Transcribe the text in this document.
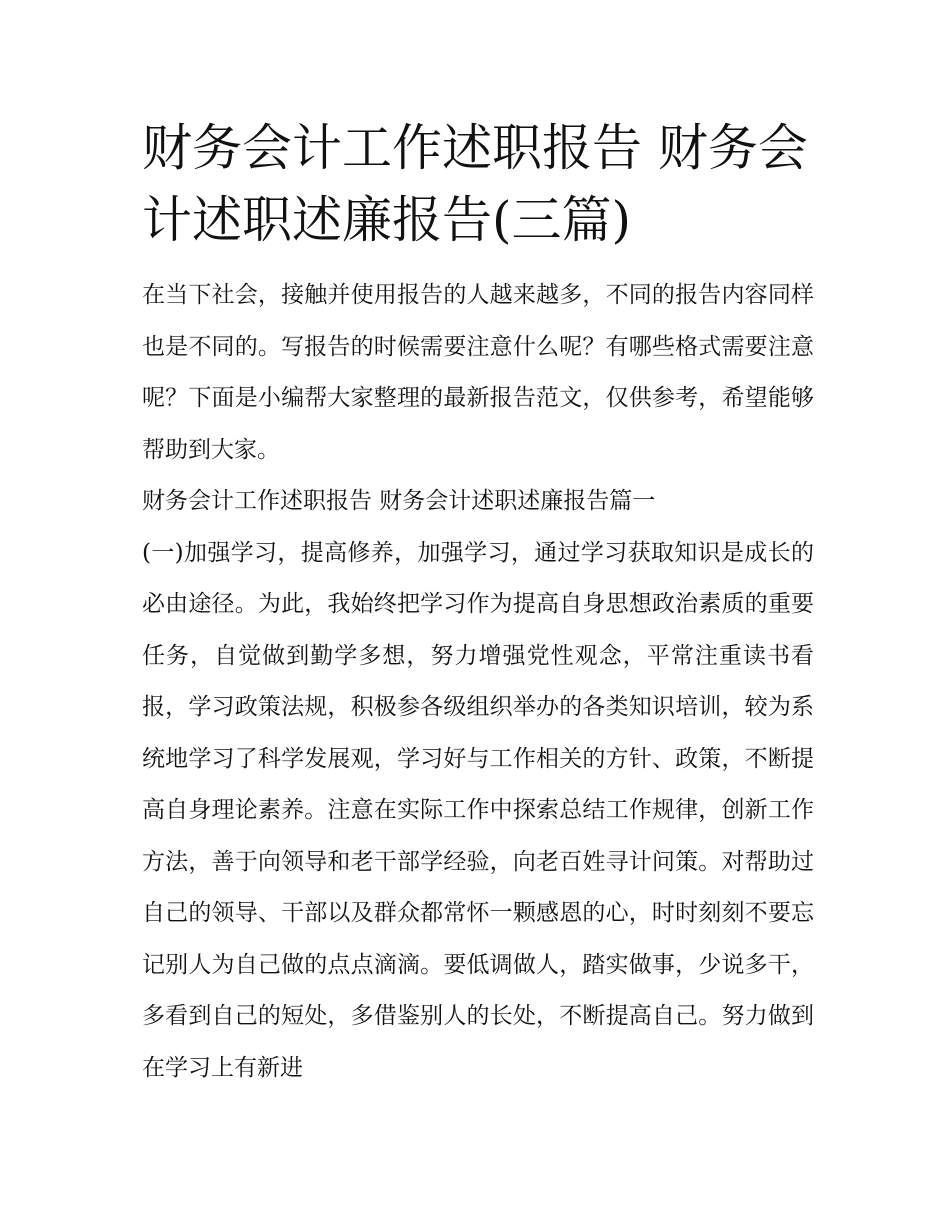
财务会计工作述职报告 财务会计述职述廉报告(三篇)

在当下社会，接触并使用报告的人越来越多，不同的报告内容同样也是不同的。写报告的时候需要注意什么呢？有哪些格式需要注意呢？下面是小编帮大家整理的最新报告范文，仅供参考，希望能够帮助到大家。

财务会计工作述职报告 财务会计述职述廉报告篇一

(一)加强学习，提高修养，加强学习，通过学习获取知识是成长的必由途径。为此，我始终把学习作为提高自身思想政治素质的重要任务，自觉做到勤学多想，努力增强党性观念，平常注重读书看报，学习政策法规，积极参各级组织举办的各类知识培训，较为系统地学习了科学发展观，学习好与工作相关的方针、政策，不断提高自身理论素养。注意在实际工作中探索总结工作规律，创新工作方法，善于向领导和老干部学经验，向老百姓寻计问策。对帮助过自己的领导、干部以及群众都常怀一颗感恩的心，时时刻刻不要忘记别人为自己做的点点滴滴。要低调做人，踏实做事，少说多干，多看到自己的短处，多借鉴别人的长处，不断提高自己。努力做到在学习上有新进
